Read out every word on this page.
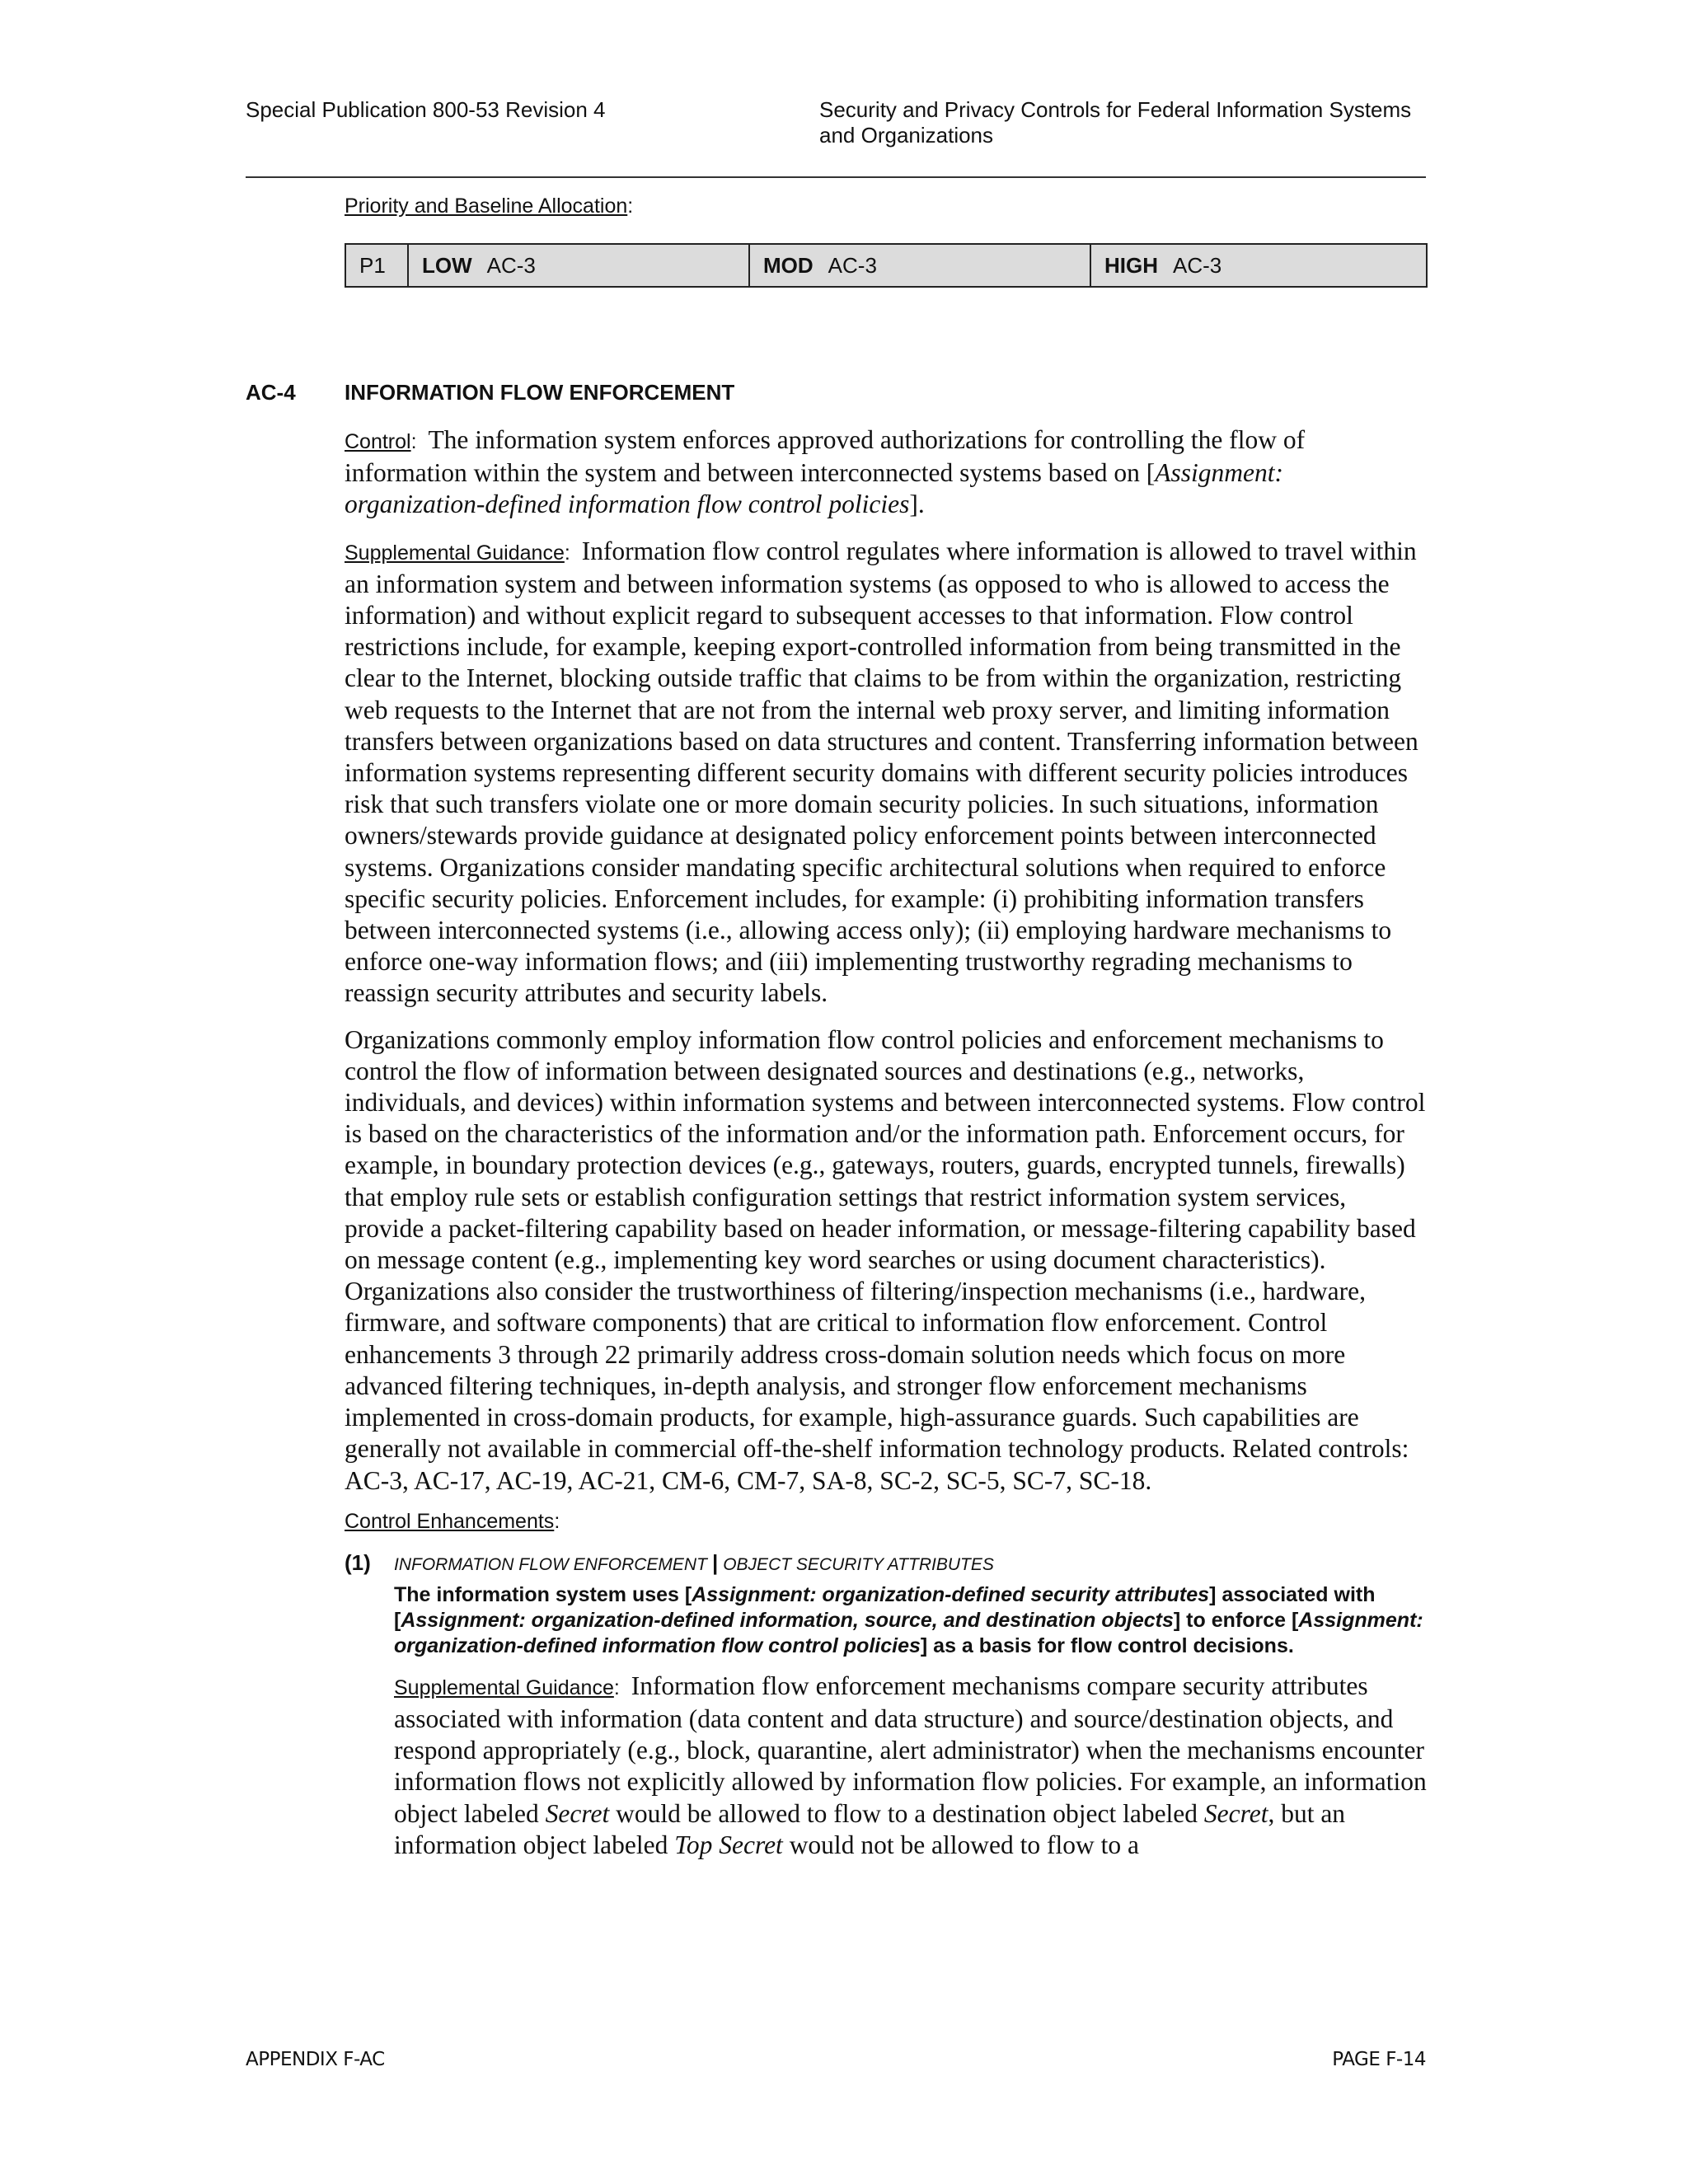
Special Publication 800-53 Revision 4	Security and Privacy Controls for Federal Information Systems and Organizations

Priority and Baseline Allocation:

P1	LOW AC-3	MOD AC-3	HIGH AC-3
AC-4 INFORMATION FLOW ENFORCEMENT

Control:  The information system enforces approved authorizations for controlling the flow of information within the system and between interconnected systems based on [Assignment: organization-defined information flow control policies].

Supplemental Guidance:  Information flow control regulates where information is allowed to travel within an information system and between information systems (as opposed to who is allowed to access the information) and without explicit regard to subsequent accesses to that information. Flow control restrictions include, for example, keeping export-controlled information from being transmitted in the clear to the Internet, blocking outside traffic that claims to be from within the organization, restricting web requests to the Internet that are not from the internal web proxy server, and limiting information transfers between organizations based on data structures and content. Transferring information between information systems representing different security domains with different security policies introduces risk that such transfers violate one or more domain security policies. In such situations, information owners/stewards provide guidance at designated policy enforcement points between interconnected systems. Organizations consider mandating specific architectural solutions when required to enforce specific security policies. Enforcement includes, for example: (i) prohibiting information transfers between interconnected systems (i.e., allowing access only); (ii) employing hardware mechanisms to enforce one-way information flows; and (iii) implementing trustworthy regrading mechanisms to reassign security attributes and security labels.

Organizations commonly employ information flow control policies and enforcement mechanisms to control the flow of information between designated sources and destinations (e.g., networks, individuals, and devices) within information systems and between interconnected systems. Flow control is based on the characteristics of the information and/or the information path. Enforcement occurs, for example, in boundary protection devices (e.g., gateways, routers, guards, encrypted tunnels, firewalls) that employ rule sets or establish configuration settings that restrict information system services, provide a packet-filtering capability based on header information, or message-filtering capability based on message content (e.g., implementing key word searches or using document characteristics). Organizations also consider the trustworthiness of filtering/inspection mechanisms (i.e., hardware, firmware, and software components) that are critical to information flow enforcement. Control enhancements 3 through 22 primarily address cross-domain solution needs which focus on more advanced filtering techniques, in-depth analysis, and stronger flow enforcement mechanisms implemented in cross-domain products, for example, high-assurance guards. Such capabilities are generally not available in commercial off-the-shelf information technology products. Related controls: AC-3, AC-17, AC-19, AC-21, CM-6, CM-7, SA-8, SC-2, SC-5, SC-7, SC-18.

Control Enhancements:

(1) INFORMATION FLOW ENFORCEMENT | OBJECT SECURITY ATTRIBUTES
The information system uses [Assignment: organization-defined security attributes] associated with [Assignment: organization-defined information, source, and destination objects] to enforce [Assignment: organization-defined information flow control policies] as a basis for flow control decisions.

Supplemental Guidance:  Information flow enforcement mechanisms compare security attributes associated with information (data content and data structure) and source/destination objects, and respond appropriately (e.g., block, quarantine, alert administrator) when the mechanisms encounter information flows not explicitly allowed by information flow policies. For example, an information object labeled Secret would be allowed to flow to a destination object labeled Secret, but an information object labeled Top Secret would not be allowed to flow to a

APPENDIX F-AC	PAGE F-14
